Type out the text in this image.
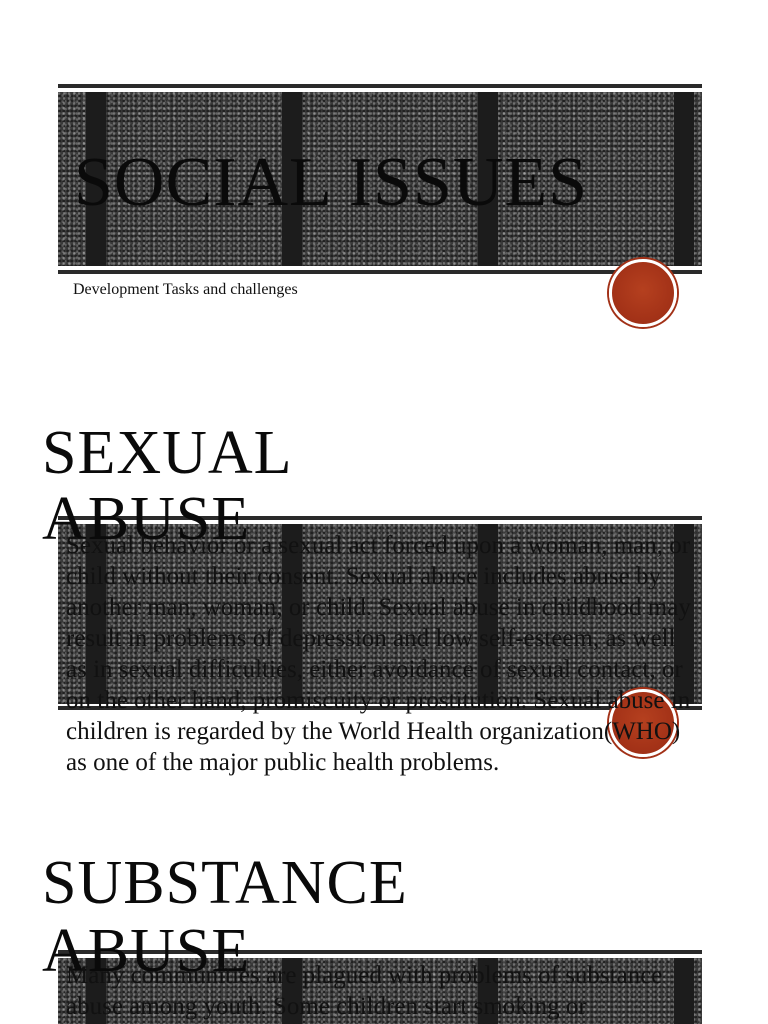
SOCIAL ISSUES

Development Tasks and challenges

SEXUAL
ABUSE

Sexual behavior or a sexual act forced upon a woman, man, or child without their consent. Sexual abuse includes abuse by another man, woman, or child. Sexual abuse in childhood may result in problems of depression and low self-esteem, as well as in sexual difficulties, either avoidance of sexual contact, or on the other hand, promiscuity or prostitution. Sexual abuse in children is regarded by the World Health organization(WHO) as one of the major public health problems.

SUBSTANCE
ABUSE

Many communities are plagued with problems of substance abuse among youth. Some children start smoking or
